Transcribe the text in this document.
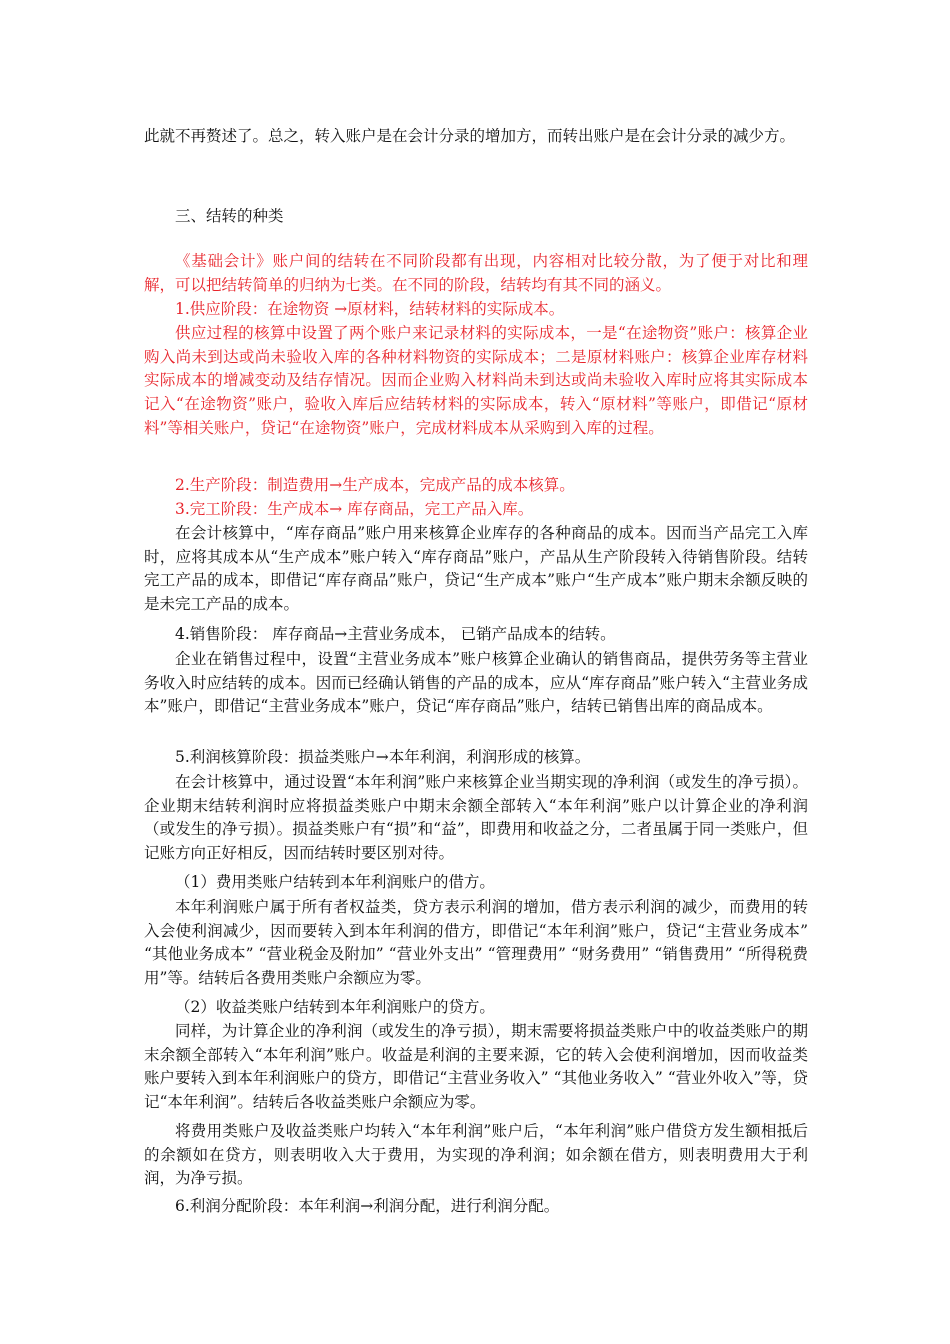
此就不再赘述了。总之，转入账户是在会计分录的增加方，而转出账户是在会计分录的减少方。

三、结转的种类

《基础会计》账户间的结转在不同阶段都有出现，内容相对比较分散，为了便于对比和理解，可以把结转简单的归纳为七类。在不同的阶段，结转均有其不同的涵义。

1.供应阶段：在途物资 →原材料，结转材料的实际成本。

供应过程的核算中设置了两个账户来记录材料的实际成本，一是“在途物资”账户：核算企业购入尚未到达或尚未验收入库的各种材料物资的实际成本；二是原材料账户：核算企业库存材料实际成本的增减变动及结存情况。因而企业购入材料尚未到达或尚未验收入库时应将其实际成本记入“在途物资”账户，验收入库后应结转材料的实际成本，转入“原材料”等账户，即借记“原材料”等相关账户，贷记“在途物资”账户，完成材料成本从采购到入库的过程。

2.生产阶段：制造费用→生产成本，完成产品的成本核算。

3.完工阶段：生产成本→ 库存商品，完工产品入库。

在会计核算中，“库存商品”账户用来核算企业库存的各种商品的成本。因而当产品完工入库时，应将其成本从“生产成本”账户转入“库存商品”账户，产品从生产阶段转入待销售阶段。结转完工产品的成本，即借记“库存商品”账户，贷记“生产成本”账户“生产成本”账户期末余额反映的是未完工产品的成本。

4.销售阶段： 库存商品→主营业务成本， 已销产品成本的结转。

企业在销售过程中，设置“主营业务成本”账户核算企业确认的销售商品，提供劳务等主营业务收入时应结转的成本。因而已经确认销售的产品的成本，应从“库存商品”账户转入“主营业务成本”账户，即借记“主营业务成本”账户，贷记“库存商品”账户，结转已销售出库的商品成本。

5.利润核算阶段：损益类账户→本年利润，利润形成的核算。

在会计核算中，通过设置“本年利润”账户来核算企业当期实现的净利润（或发生的净亏损）。企业期末结转利润时应将损益类账户中期末余额全部转入“本年利润”账户以计算企业的净利润（或发生的净亏损）。损益类账户有“损”和“益”，即费用和收益之分，二者虽属于同一类账户，但记账方向正好相反，因而结转时要区别对待。

（1）费用类账户结转到本年利润账户的借方。

本年利润账户属于所有者权益类，贷方表示利润的增加，借方表示利润的减少，而费用的转入会使利润减少，因而要转入到本年利润的借方，即借记“本年利润”账户，贷记“主营业务成本” “其他业务成本” “营业税金及附加” “营业外支出” “管理费用” “财务费用” “销售费用” “所得税费用”等。结转后各费用类账户余额应为零。

（2）收益类账户结转到本年利润账户的贷方。

同样，为计算企业的净利润（或发生的净亏损），期末需要将损益类账户中的收益类账户的期末余额全部转入“本年利润”账户。收益是利润的主要来源，它的转入会使利润增加，因而收益类账户要转入到本年利润账户的贷方，即借记“主营业务收入” “其他业务收入” “营业外收入”等，贷记“本年利润”。结转后各收益类账户余额应为零。

将费用类账户及收益类账户均转入“本年利润”账户后，“本年利润”账户借贷方发生额相抵后的余额如在贷方，则表明收入大于费用，为实现的净利润；如余额在借方，则表明费用大于利润，为净亏损。

6.利润分配阶段：本年利润→利润分配，进行利润分配。
